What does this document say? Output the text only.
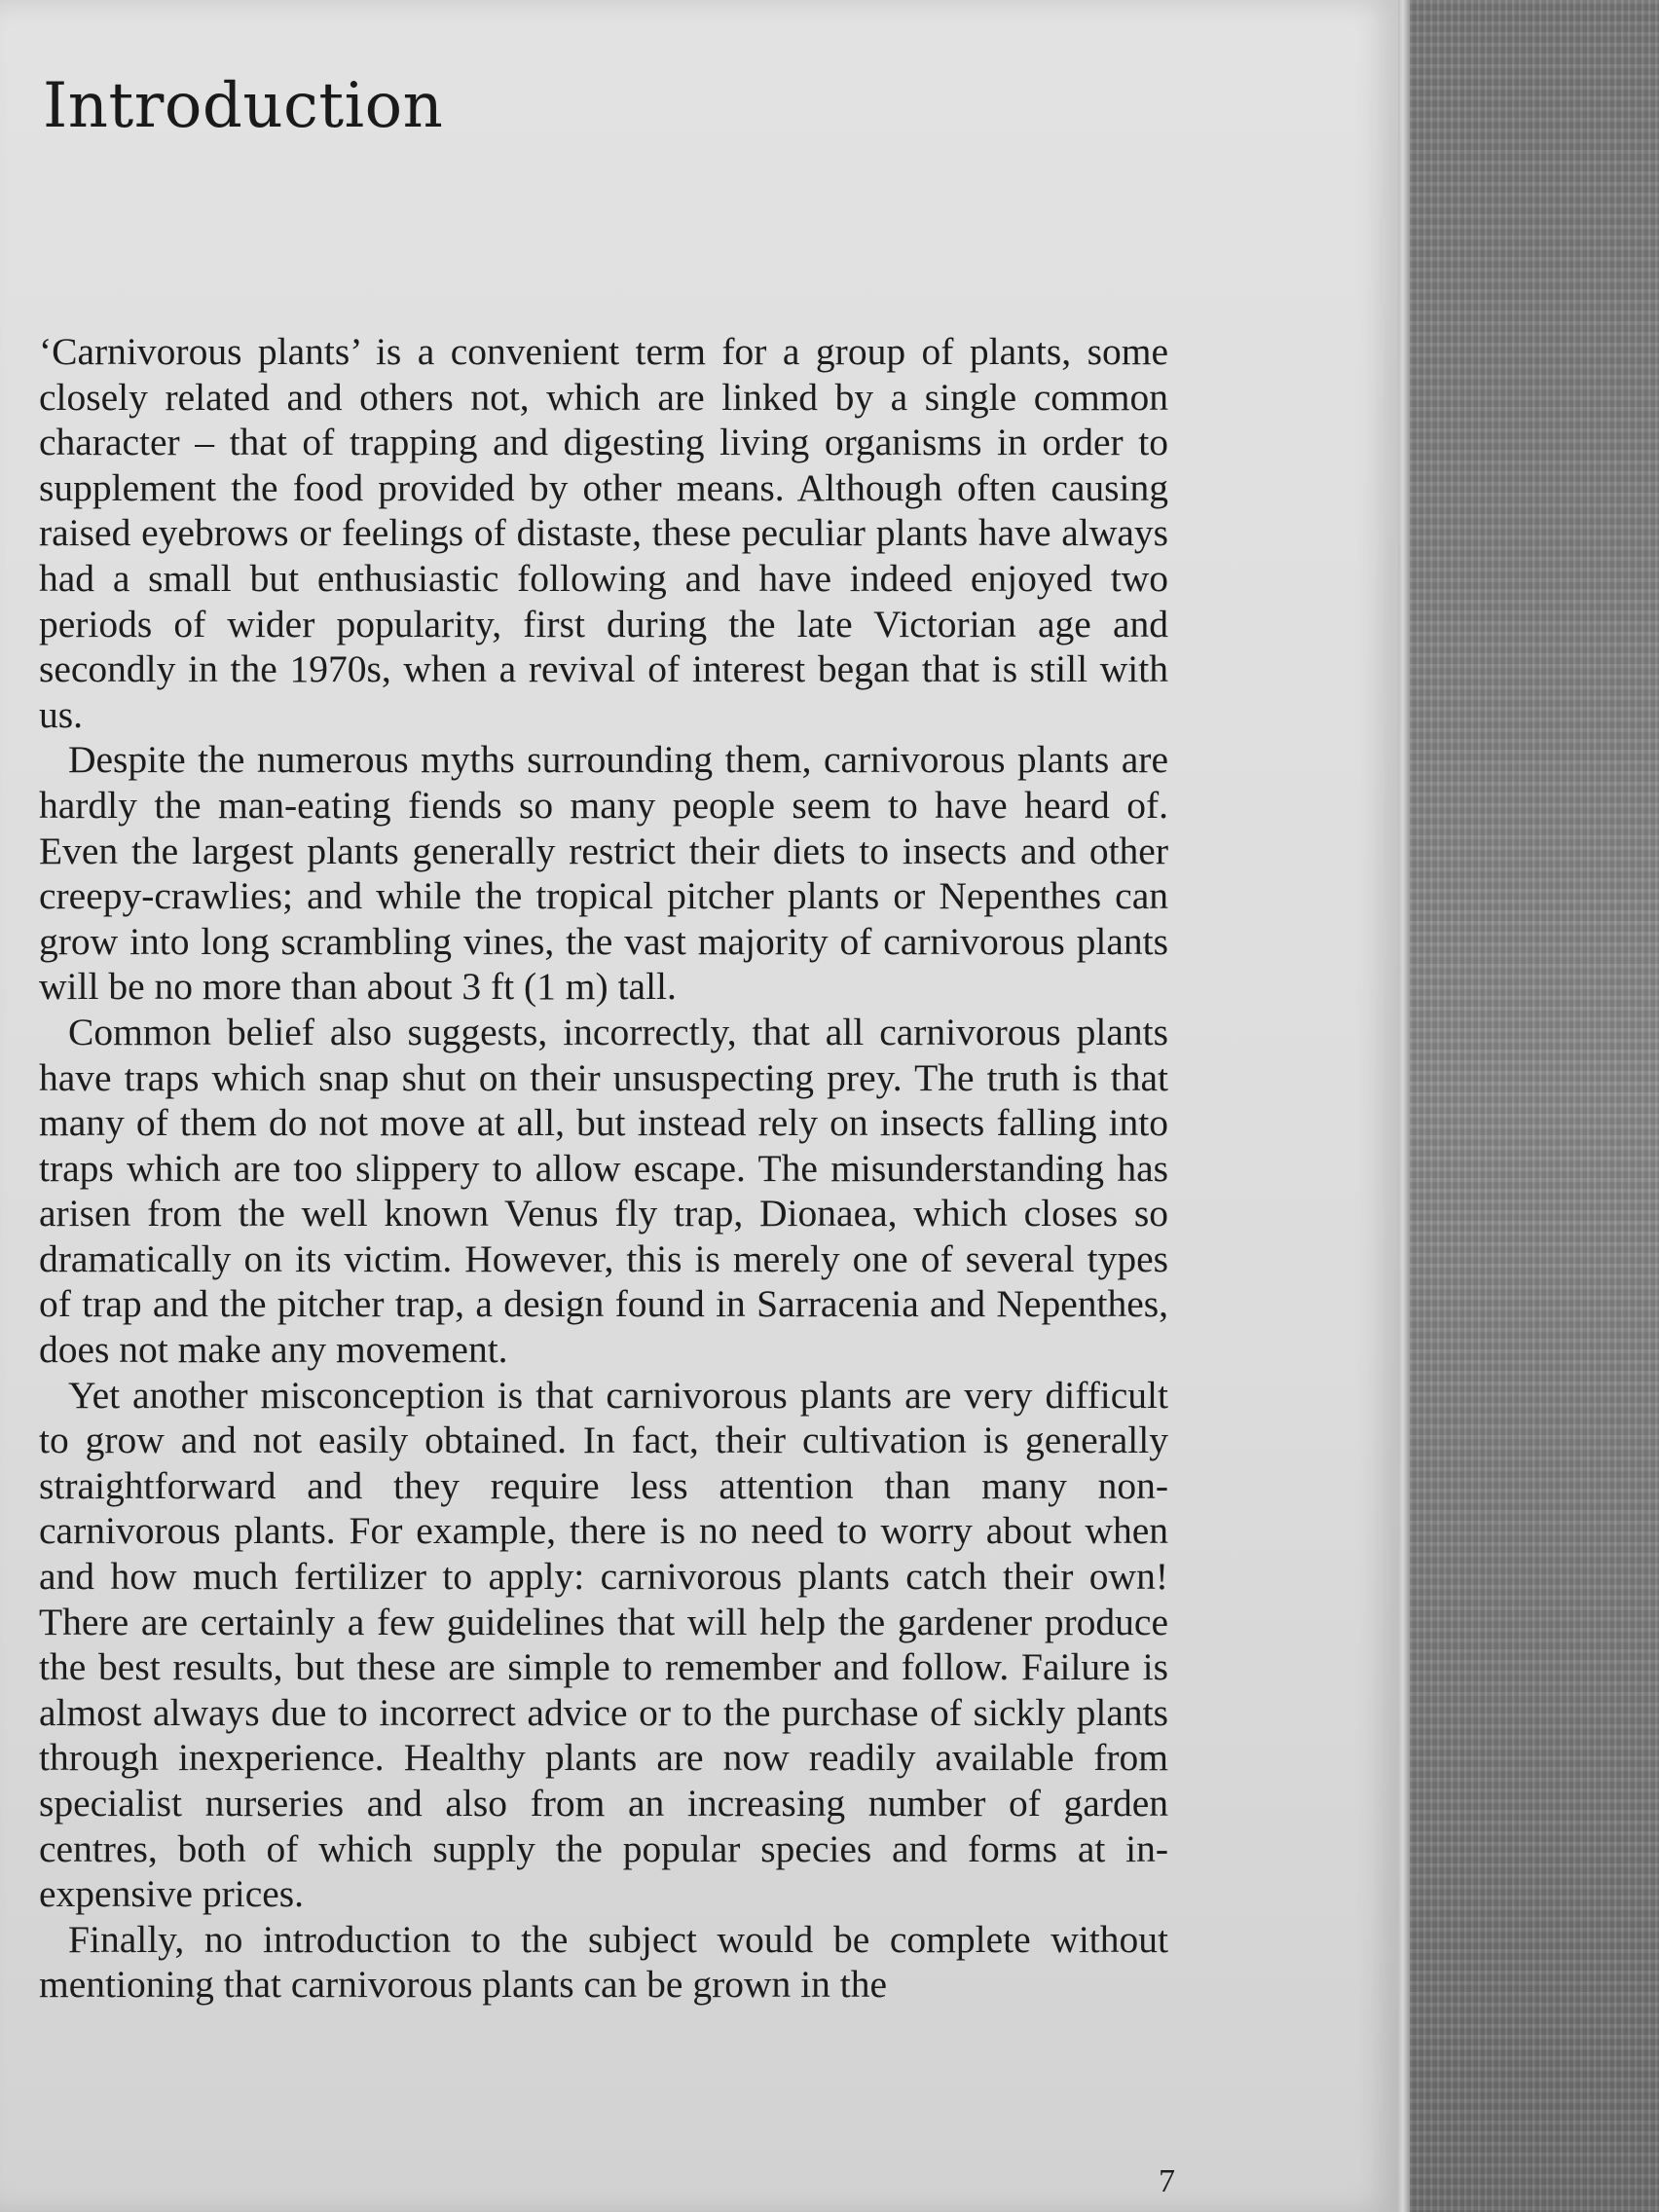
Introduction

‘Carnivorous plants’ is a convenient term for a group of plants, some closely related and others not, which are linked by a single common character – that of trapping and digesting living organisms in order to supplement the food provided by other means. Although often causing raised eyebrows or feelings of distaste, these peculiar plants have always had a small but enthusiastic following and have indeed enjoyed two periods of wider popularity, first during the late Victorian age and secondly in the 1970s, when a revival of interest began that is still with us.

Despite the numerous myths surrounding them, carnivorous plants are hardly the man-eating fiends so many people seem to have heard of. Even the largest plants generally restrict their diets to insects and other creepy-crawlies; and while the tropical pitcher plants or Nepenthes can grow into long scrambling vines, the vast majority of carnivorous plants will be no more than about 3 ft (1 m) tall.

Common belief also suggests, incorrectly, that all carnivorous plants have traps which snap shut on their unsuspecting prey. The truth is that many of them do not move at all, but instead rely on insects falling into traps which are too slippery to allow escape. The misunderstanding has arisen from the well known Venus fly trap, Dionaea, which closes so dramatically on its victim. However, this is merely one of several types of trap and the pitcher trap, a design found in Sarracenia and Nepenthes, does not make any movement.

Yet another misconception is that carnivorous plants are very difficult to grow and not easily obtained. In fact, their cultivation is generally straightforward and they require less attention than many non-carnivorous plants. For example, there is no need to worry about when and how much fertilizer to apply: carnivorous plants catch their own! There are certainly a few guidelines that will help the gardener produce the best results, but these are simple to remember and follow. Failure is almost always due to incorrect advice or to the purchase of sickly plants through inexperience. Healthy plants are now readily available from specialist nurseries and also from an increasing number of garden centres, both of which supply the popular species and forms at inexpensive prices.

Finally, no introduction to the subject would be complete without mentioning that carnivorous plants can be grown in the

7
